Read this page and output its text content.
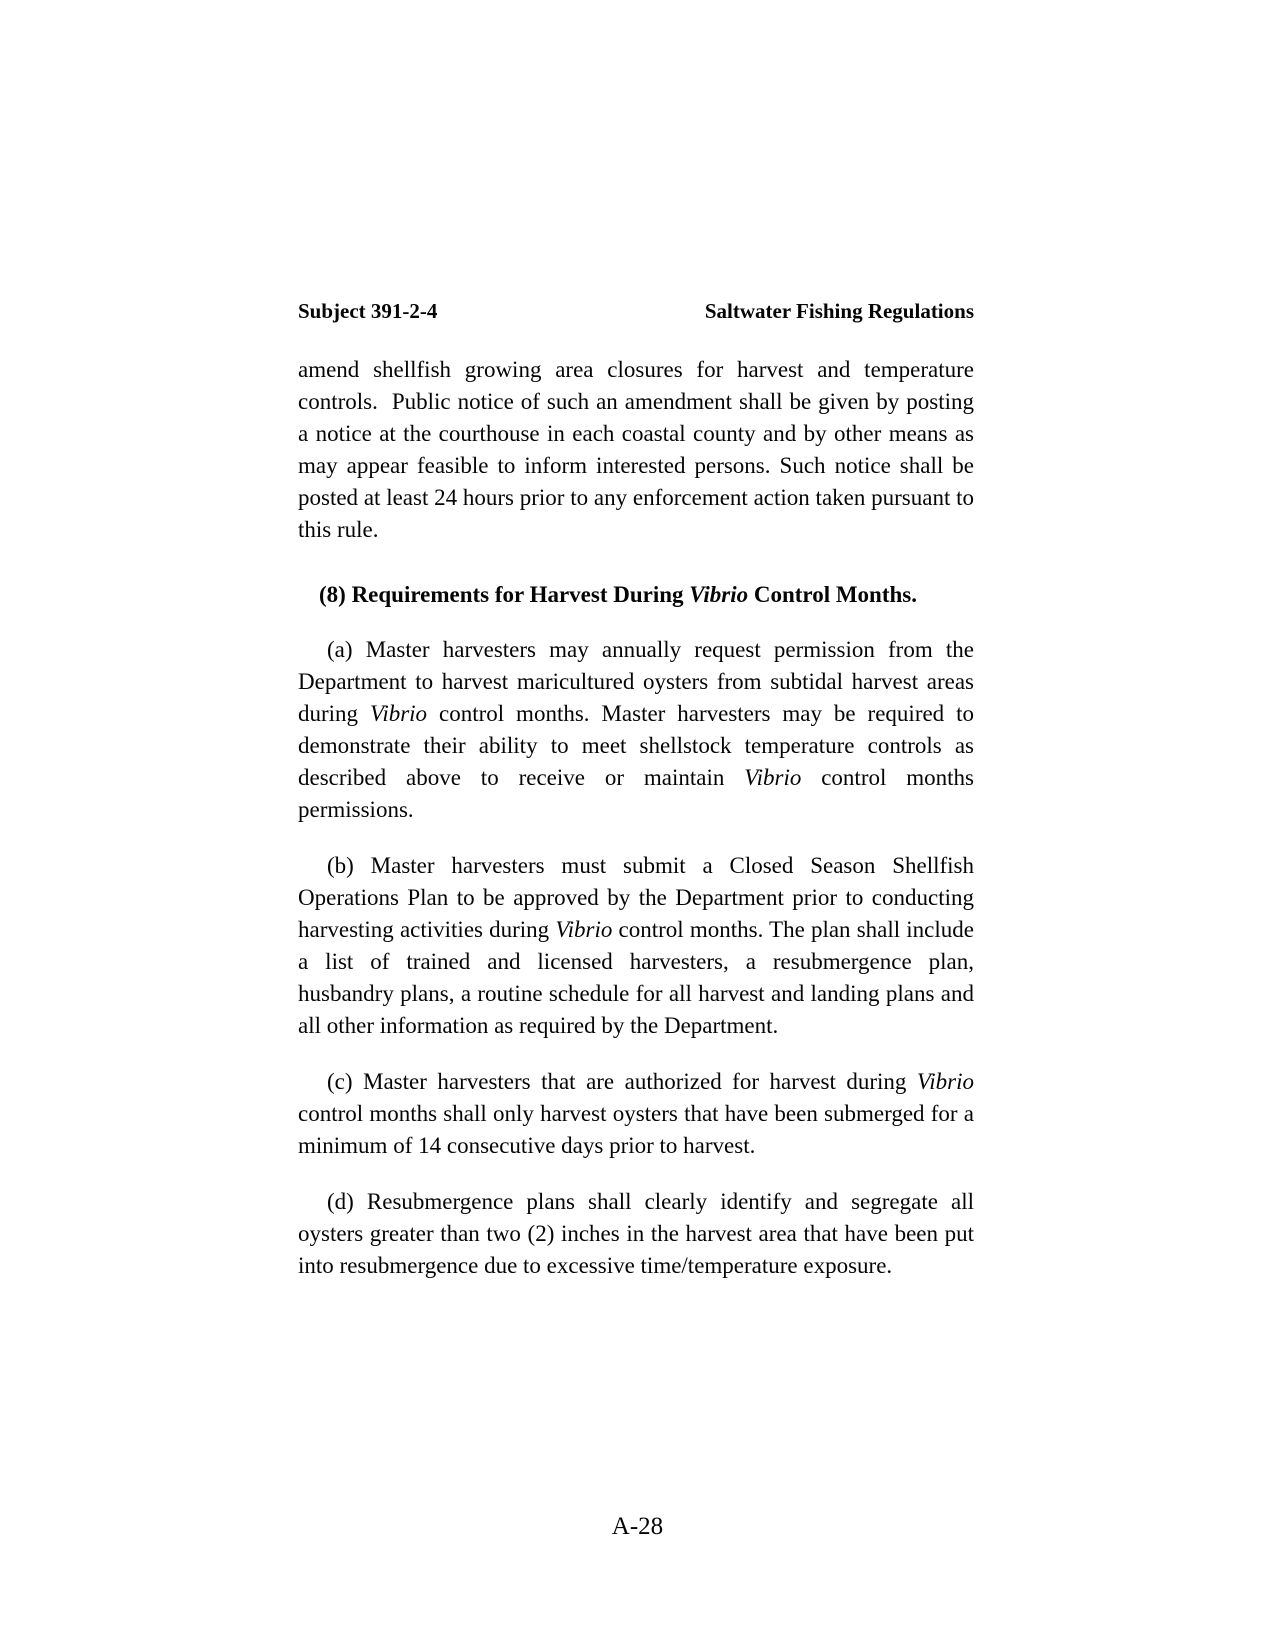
Subject 391-2-4	Saltwater Fishing Regulations

amend shellfish growing area closures for harvest and temperature controls.  Public notice of such an amendment shall be given by posting a notice at the courthouse in each coastal county and by other means as may appear feasible to inform interested persons. Such notice shall be posted at least 24 hours prior to any enforcement action taken pursuant to this rule.

(8) Requirements for Harvest During Vibrio Control Months.

(a) Master harvesters may annually request permission from the Department to harvest maricultured oysters from subtidal harvest areas during Vibrio control months. Master harvesters may be required to demonstrate their ability to meet shellstock temperature controls as described above to receive or maintain Vibrio control months permissions.

(b) Master harvesters must submit a Closed Season Shellfish Operations Plan to be approved by the Department prior to conducting harvesting activities during Vibrio control months. The plan shall include a list of trained and licensed harvesters, a resubmergence plan, husbandry plans, a routine schedule for all harvest and landing plans and all other information as required by the Department.

(c) Master harvesters that are authorized for harvest during Vibrio control months shall only harvest oysters that have been submerged for a minimum of 14 consecutive days prior to harvest.

(d) Resubmergence plans shall clearly identify and segregate all oysters greater than two (2) inches in the harvest area that have been put into resubmergence due to excessive time/temperature exposure.

A-28
